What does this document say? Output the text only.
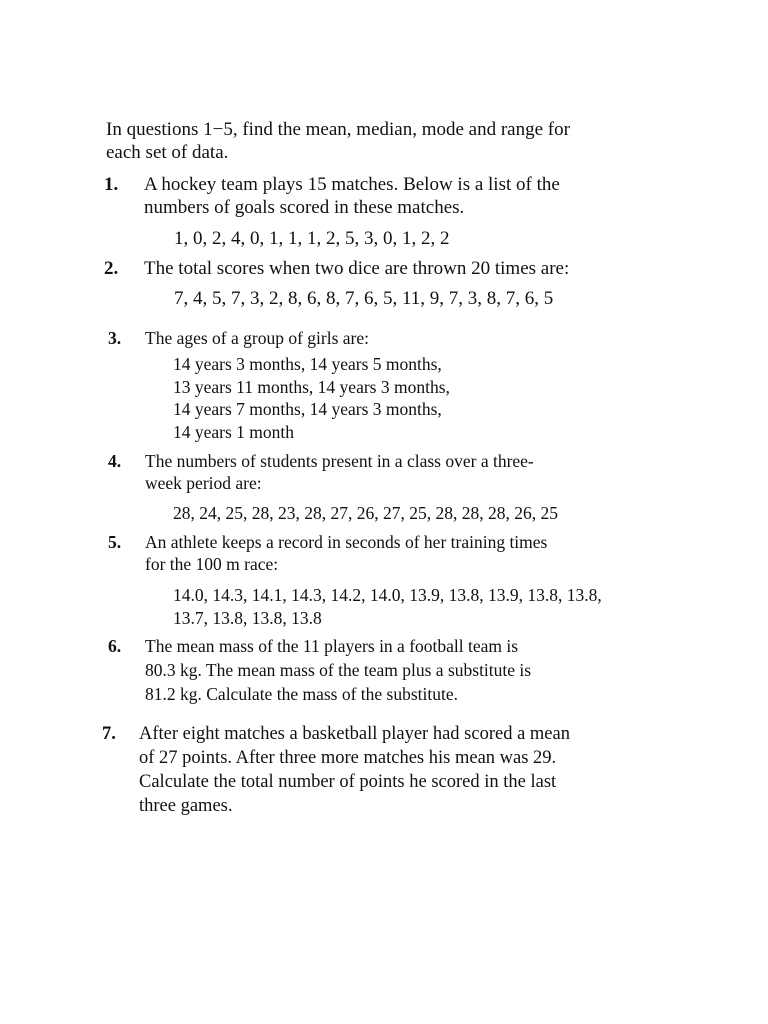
In questions 1−5, find the mean, median, mode and range for
each set of data.
1. A hockey team plays 15 matches. Below is a list of the
numbers of goals scored in these matches.
1, 0, 2, 4, 0, 1, 1, 1, 2, 5, 3, 0, 1, 2, 2
2. The total scores when two dice are thrown 20 times are:
7, 4, 5, 7, 3, 2, 8, 6, 8, 7, 6, 5, 11, 9, 7, 3, 8, 7, 6, 5
3. The ages of a group of girls are:
14 years 3 months, 14 years 5 months,
13 years 11 months, 14 years 3 months,
14 years 7 months, 14 years 3 months,
14 years 1 month
4. The numbers of students present in a class over a three-
week period are:
28, 24, 25, 28, 23, 28, 27, 26, 27, 25, 28, 28, 28, 26, 25
5. An athlete keeps a record in seconds of her training times
for the 100 m race:
14.0, 14.3, 14.1, 14.3, 14.2, 14.0, 13.9, 13.8, 13.9, 13.8, 13.8,
13.7, 13.8, 13.8, 13.8
6. The mean mass of the 11 players in a football team is
80.3 kg. The mean mass of the team plus a substitute is
81.2 kg. Calculate the mass of the substitute.
7. After eight matches a basketball player had scored a mean
of 27 points. After three more matches his mean was 29.
Calculate the total number of points he scored in the last
three games.
